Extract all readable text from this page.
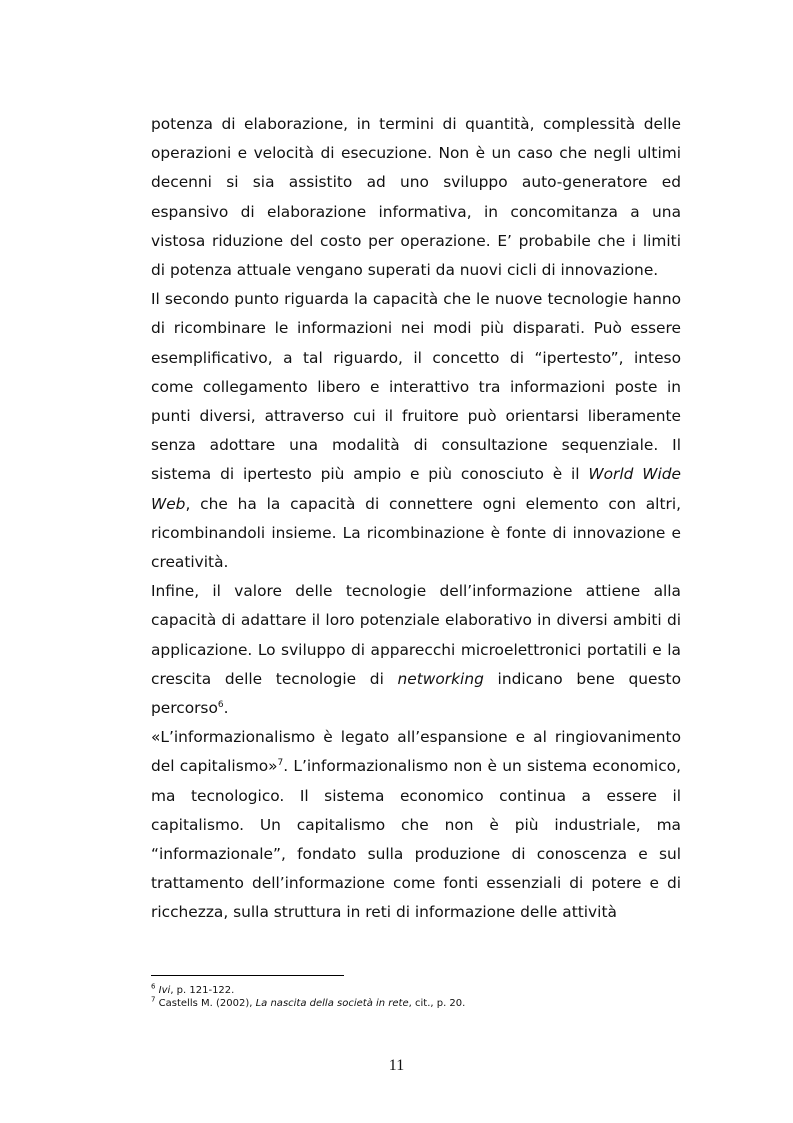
potenza di elaborazione, in termini di quantità, complessità delle operazioni e velocità di esecuzione. Non è un caso che negli ultimi decenni si sia assistito ad uno sviluppo auto-generatore ed espansivo di elaborazione informativa, in concomitanza a una vistosa riduzione del costo per operazione. E’ probabile che i limiti di potenza attuale vengano superati da nuovi cicli di innovazione.

Il secondo punto riguarda la capacità che le nuove tecnologie hanno di ricombinare le informazioni nei modi più disparati. Può essere esemplificativo, a tal riguardo, il concetto di “ipertesto”, inteso come collegamento libero e interattivo tra informazioni poste in punti diversi, attraverso cui il fruitore può orientarsi liberamente senza adottare una modalità di consultazione sequenziale. Il sistema di ipertesto più ampio e più conosciuto è il World Wide Web, che ha la capacità di connettere ogni elemento con altri, ricombinandoli insieme. La ricombinazione è fonte di innovazione e creatività.

Infine, il valore delle tecnologie dell’informazione attiene alla capacità di adattare il loro potenziale elaborativo in diversi ambiti di applicazione. Lo sviluppo di apparecchi microelettronici portatili e la crescita delle tecnologie di networking indicano bene questo percorso$^6$.

«L’informazionalismo è legato all’espansione e al ringiovanimento del capitalismo»$^7$. L’informazionalismo non è un sistema economico, ma tecnologico. Il sistema economico continua a essere il capitalismo. Un capitalismo che non è più industriale, ma “informazionale”, fondato sulla produzione di conoscenza e sul trattamento dell’informazione come fonti essenziali di potere e di ricchezza, sulla struttura in reti di informazione delle attività

$^6$ Ivi, p. 121-122.
$^7$ Castells M. (2002), La nascita della società in rete, cit., p. 20.
11
